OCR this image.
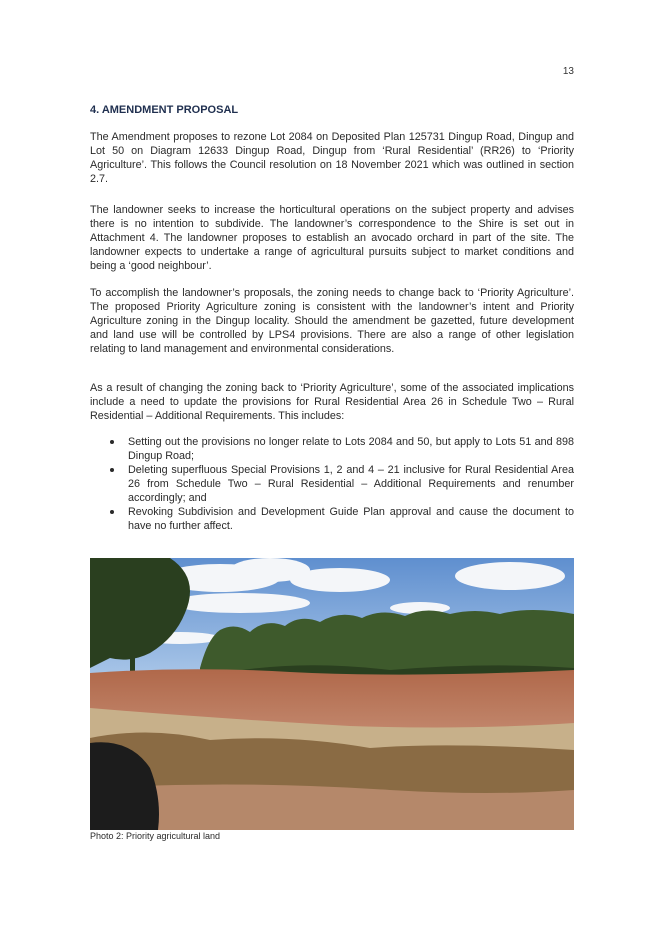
13
4. AMENDMENT PROPOSAL

The Amendment proposes to rezone Lot 2084 on Deposited Plan 125731 Dingup Road, Dingup and Lot 50 on Diagram 12633 Dingup Road, Dingup from ‘Rural Residential’ (RR26) to ‘Priority Agriculture’. This follows the Council resolution on 18 November 2021 which was outlined in section 2.7.

The landowner seeks to increase the horticultural operations on the subject property and advises there is no intention to subdivide. The landowner’s correspondence to the Shire is set out in Attachment 4. The landowner proposes to establish an avocado orchard in part of the site. The landowner expects to undertake a range of agricultural pursuits subject to market conditions and being a ‘good neighbour’.

To accomplish the landowner’s proposals, the zoning needs to change back to ‘Priority Agriculture’. The proposed Priority Agriculture zoning is consistent with the landowner’s intent and Priority Agriculture zoning in the Dingup locality. Should the amendment be gazetted, future development and land use will be controlled by LPS4 provisions. There are also a range of other legislation relating to land management and environmental considerations.

As a result of changing the zoning back to ‘Priority Agriculture’, some of the associated implications include a need to update the provisions for Rural Residential Area 26 in Schedule Two – Rural Residential – Additional Requirements. This includes:

Setting out the provisions no longer relate to Lots 2084 and 50, but apply to Lots 51 and 898 Dingup Road;
Deleting superfluous Special Provisions 1, 2 and 4 – 21 inclusive for Rural Residential Area 26 from Schedule Two – Rural Residential – Additional Requirements and renumber accordingly; and
Revoking Subdivision and Development Guide Plan approval and cause the document to have no further affect.
Photo 2: Priority agricultural land
